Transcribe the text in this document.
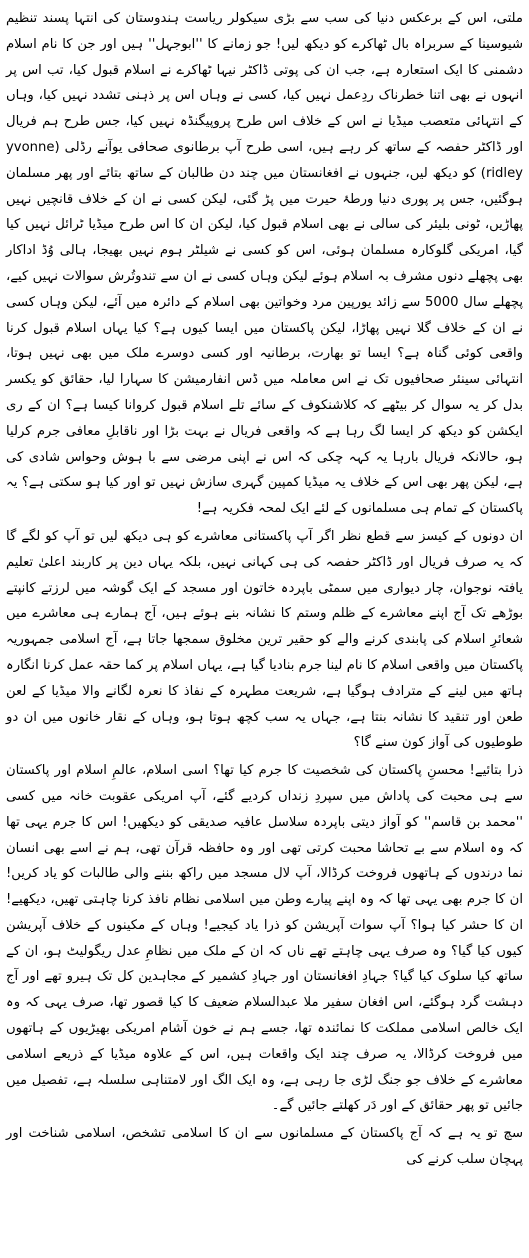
ملتی، اس کے برعکس دنیا کی سب سے بڑی سیکولر ریاست ہندوستان کی انتہا پسند تنظیم شیوسینا کے سربراہ بال ٹھاکرے کو دیکھ لیں! جو زمانے کا ''ابوجہل'' ہیں اور جن کا نام اسلام دشمنی کا ایک استعارہ ہے، جب ان کی پوتی ڈاکٹر نیہا ٹھاکرے نے اسلام قبول کیا، تب اس پر انہوں نے بھی اتنا خطرناک ردِعمل نہیں کیا، کسی نے وہاں اس پر ذہنی تشدد نہیں کیا، وہاں کے انتہائی متعصب میڈیا نے اس کے خلاف اس طرح پروپیگنڈہ نہیں کیا، جس طرح ہم فریال اور ڈاکٹر حفصہ کے ساتھ کر رہے ہیں، اسی طرح آپ برطانوی صحافی یوآنے رڈلی (yvonne ridley) کو دیکھ لیں، جنہوں نے افغانستان میں چند دن طالبان کے ساتھ بتائے اور پھر مسلمان ہوگئیں، جس پر پوری دنیا ورطۂ حیرت میں پڑ گئی، لیکن کسی نے ان کے خلاف قانچیں نہیں پھاڑیں، ٹونی بلیئر کی سالی نے بھی اسلام قبول کیا، لیکن ان کا اس طرح میڈیا ٹرائل نہیں کیا گیا، امریکی گلوکارہ مسلمان ہوئی، اس کو کسی نے شیلٹر ہوم نہیں بھیجا، ہالی وُڈ اداکار بھی پچھلے دنوں مشرف بہ اسلام ہوئے لیکن وہاں کسی نے ان سے تندوتُرش سوالات نہیں کیے، پچھلے سال 5000 سے زائد یورپین مرد وخواتین بھی اسلام کے دائرہ میں آئے، لیکن وہاں کسی نے ان کے خلاف گلا نہیں پھاڑا، لیکن پاکستان میں ایسا کیوں ہے؟ کیا یہاں اسلام قبول کرنا واقعی کوئی گناہ ہے؟ ایسا تو بھارت، برطانیہ اور کسی دوسرے ملک میں بھی نہیں ہوتا، انتہائی سینئر صحافیوں تک نے اس معاملہ میں ڈس انفارمیشن کا سہارا لیا، حقائق کو یکسر بدل کر یہ سوال کر بیٹھے کہ کلاشنکوف کے سائے تلے اسلام قبول کروانا کیسا ہے؟ ان کے ری ایکشن کو دیکھ کر ایسا لگ رہا ہے کہ واقعی فریال نے بہت بڑا اور ناقابلِ معافی جرم کرلیا ہو، حالانکہ فریال بارہا یہ کہہ چکی کہ اس نے اپنی مرضی سے با ہوش وحواس شادی کی ہے، لیکن پھر بھی اس کے خلاف یہ میڈیا کمپین گہری سازش نہیں تو اور کیا ہو سکتی ہے؟ یہ پاکستان کے تمام ہی مسلمانوں کے لئے ایک لمحہ فکریہ ہے!

ان دونوں کے کیسز سے قطع نظر اگر آپ پاکستانی معاشرے کو ہی دیکھ لیں تو آپ کو لگے گا کہ یہ صرف فریال اور ڈاکٹر حفصہ کی ہی کہانی نہیں، بلکہ یہاں دین پر کاربند اعلیٰ تعلیم یافتہ نوجوان، چار دیواری میں سمٹی باپردہ خاتون اور مسجد کے ایک گوشہ میں لرزتے کانپتے بوڑھے تک آج اپنے معاشرے کے ظلم وستم کا نشانہ بنے ہوئے ہیں، آج ہمارے ہی معاشرے میں شعائرِ اسلام کی پابندی کرنے والے کو حقیر ترین مخلوق سمجھا جاتا ہے، آج اسلامی جمہوریہ پاکستان میں واقعی اسلام کا نام لینا جرم بنادیا گیا ہے، یہاں اسلام پر کما حقہ عمل کرنا انگارہ ہاتھ میں لینے کے مترادف ہوگیا ہے، شریعت مطہرہ کے نفاذ کا نعرہ لگانے والا میڈیا کے لعن طعن اور تنقید کا نشانہ بنتا ہے، جہاں یہ سب کچھ ہوتا ہو، وہاں کے نقار خانوں میں ان دو طوطیوں کی آواز کون سنے گا؟

ذرا بتائیے! محسنِ پاکستان کی شخصیت کا جرم کیا تھا؟ اسی اسلام، عالمِ اسلام اور پاکستان سے ہی محبت کی پاداش میں سپردِ زنداں کردیے گئے، آپ امریکی عقوبت خانہ میں کسی ''محمد بن قاسم'' کو آواز دیتی باپردہ سلاسل عافیہ صدیقی کو دیکھیں! اس کا جرم یہی تھا کہ وہ اسلام سے بے تحاشا محبت کرتی تھی اور وہ حافظہ قرآن تھی، ہم نے اسے بھی انسان نما درندوں کے ہاتھوں فروخت کرڈالا، آپ لال مسجد میں راکھ بننے والی طالبات کو یاد کریں! ان کا جرم بھی یہی تھا کہ وہ اپنے پیارے وطن میں اسلامی نظام نافذ کرنا چاہتی تھیں، دیکھیے! ان کا حشر کیا ہوا؟ آپ سوات آپریشن کو ذرا یاد کیجیے! وہاں کے مکینوں کے خلاف آپریشن کیوں کیا گیا؟ وہ صرف یہی چاہتے تھے ناں کہ ان کے ملک میں نظامِ عدل ریگولیٹ ہو، ان کے ساتھ کیا سلوک کیا گیا؟ جہادِ افغانستان اور جہادِ کشمیر کے مجاہدین کل تک ہیرو تھے اور آج دہشت گرد ہوگئے، اس افغان سفیر ملا عبدالسلام ضعیف کا کیا قصور تھا، صرف یہی کہ وہ ایک خالص اسلامی مملکت کا نمائندہ تھا، جسے ہم نے خون آشام امریکی بھیڑیوں کے ہاتھوں میں فروخت کرڈالا، یہ صرف چند ایک واقعات ہیں، اس کے علاوہ میڈیا کے ذریعے اسلامی معاشرے کے خلاف جو جنگ لڑی جا رہی ہے، وہ ایک الگ اور لامتناہی سلسلہ ہے، تفصیل میں جائیں تو پھر حقائق کے اور دَر کھلتے جائیں گے۔

سچ تو یہ ہے کہ آج پاکستان کے مسلمانوں سے ان کا اسلامی تشخص، اسلامی شناخت اور پہچان سلب کرنے کی
